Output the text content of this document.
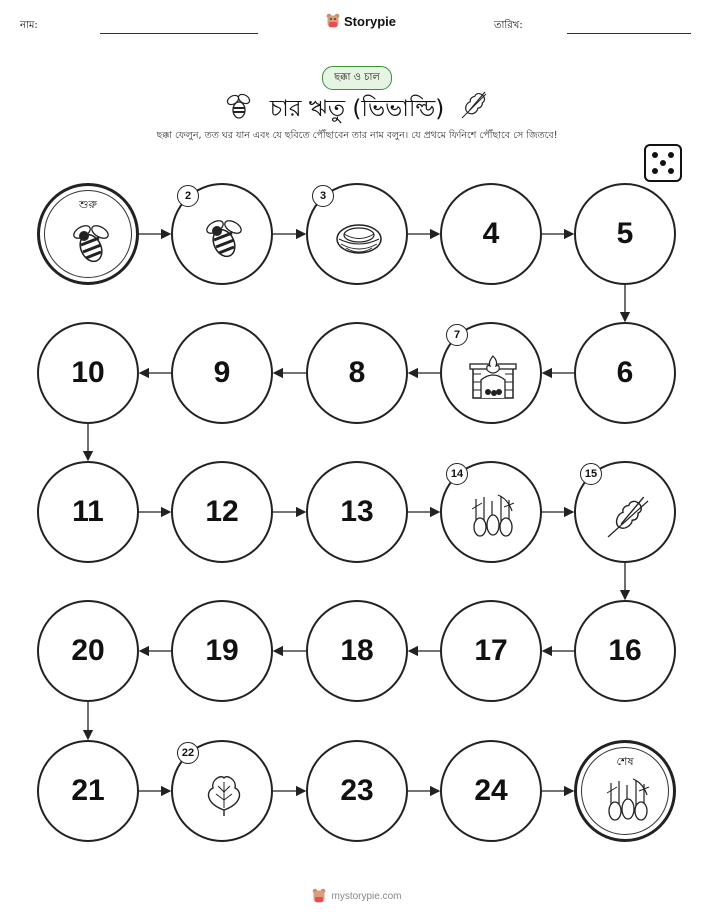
নাম:	Storypie	তারিখ:
ছক্কা ও চাল
চার ঋতু (ভিভাল্ডি)
ছক্কা ফেলুন, তত ঘর যান এবং যে ছবিতে পৌঁছাবেন তার নাম বলুন। যে প্রথমে ফিনিশে পৌঁছাবে সে জিতবে!
শুরু
2	3
4	5
6
7
8
9
10
11	12	13
14	15
16
17
18
19
20
21
22
23	24
শেষ
mystorypie.com
